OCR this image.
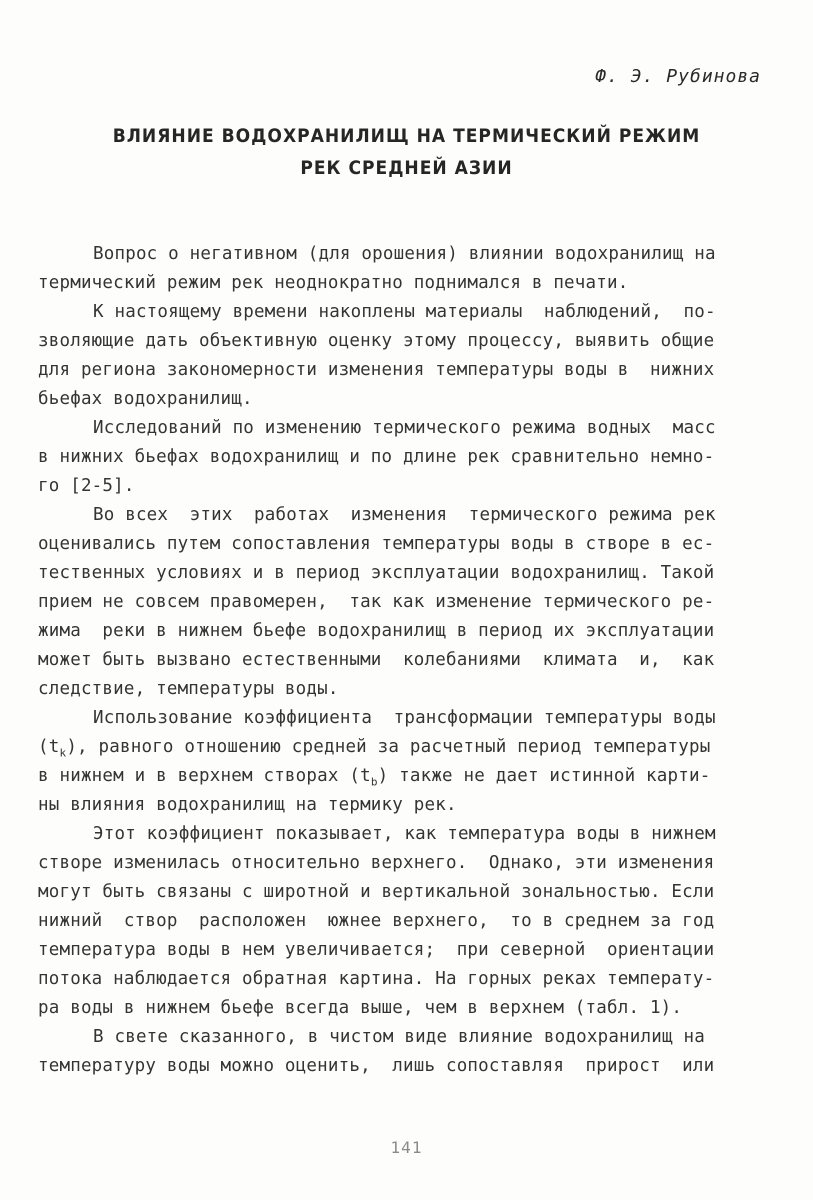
Ф. Э. Рубинова
ВЛИЯНИЕ ВОДОХРАНИЛИЩ НА ТЕРМИЧЕСКИЙ РЕЖИМ
РЕК СРЕДНЕЙ АЗИИ
Вопрос о негативном (для орошения) влиянии водохранилищ на
термический режим рек неоднократно поднимался в печати.
К настоящему времени накоплены материалы  наблюдений,  по-
зволяющие дать объективную оценку этому процессу, выявить общие
для региона закономерности изменения температуры воды в  нижних
бьефах водохранилищ.
Исследований по изменению термического режима водных  масс
в нижних бьефах водохранилищ и по длине рек сравнительно немно-
го [2-5].
Во всех  этих  работах  изменения  термического режима рек
оценивались путем сопоставления температуры воды в створе в ес-
тественных условиях и в период эксплуатации водохранилищ. Такой
прием не совсем правомерен,  так как изменение термического ре-
жима  реки в нижнем бьефе водохранилищ в период их эксплуатации
может быть вызвано естественными  колебаниями  климата  и,  как
следствие, температуры воды.
Использование коэффициента  трансформации температуры воды
$(t_k)$, равного отношению средней за расчетный период температуры
в нижнем и в верхнем створах $(t_b)$ также не дает истинной карти-
ны влияния водохранилищ на термику рек.
Этот коэффициент показывает, как температура воды в нижнем
створе изменилась относительно верхнего.  Однако, эти изменения
могут быть связаны с широтной и вертикальной зональностью. Если
нижний  створ  расположен  южнее верхнего,  то в среднем за год
температура воды в нем увеличивается;  при северной  ориентации
потока наблюдается обратная картина. На горных реках температу-
ра воды в нижнем бьефе всегда выше, чем в верхнем (табл. 1).
В свете сказанного, в чистом виде влияние водохранилищ на
температуру воды можно оценить,  лишь сопоставляя  прирост  или
141
